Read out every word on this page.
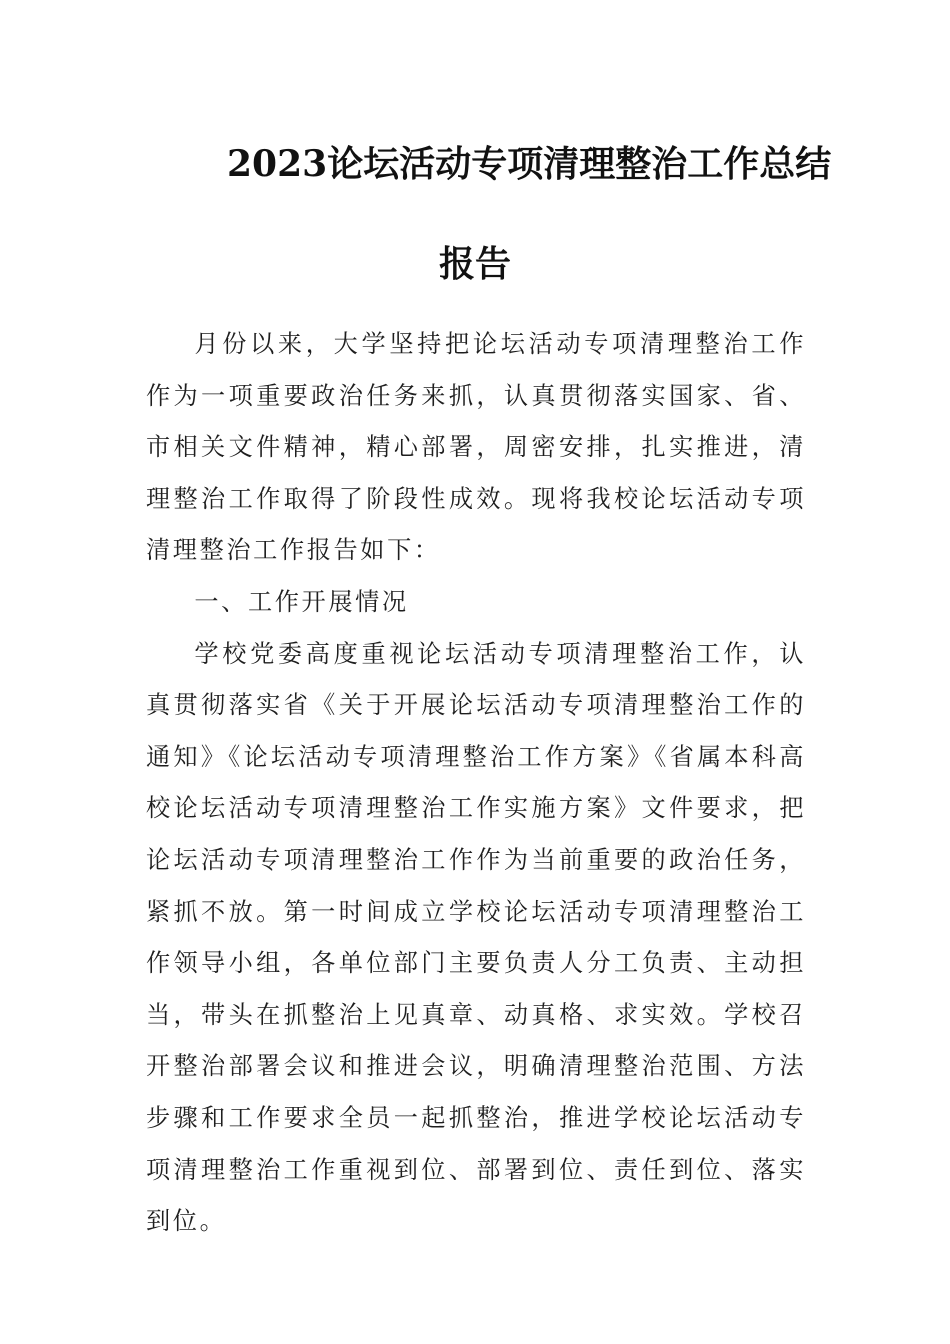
2023论坛活动专项清理整治工作总结
报告

月份以来，大学坚持把论坛活动专项清理整治工作作为一项重要政治任务来抓，认真贯彻落实国家、省、市相关文件精神，精心部署，周密安排，扎实推进，清理整治工作取得了阶段性成效。现将我校论坛活动专项清理整治工作报告如下：

一、工作开展情况

学校党委高度重视论坛活动专项清理整治工作，认真贯彻落实省《关于开展论坛活动专项清理整治工作的通知》《论坛活动专项清理整治工作方案》《省属本科高校论坛活动专项清理整治工作实施方案》文件要求，把论坛活动专项清理整治工作作为当前重要的政治任务，紧抓不放。第一时间成立学校论坛活动专项清理整治工作领导小组，各单位部门主要负责人分工负责、主动担当，带头在抓整治上见真章、动真格、求实效。学校召开整治部署会议和推进会议，明确清理整治范围、方法步骤和工作要求全员一起抓整治，推进学校论坛活动专项清理整治工作重视到位、部署到位、责任到位、落实到位。
